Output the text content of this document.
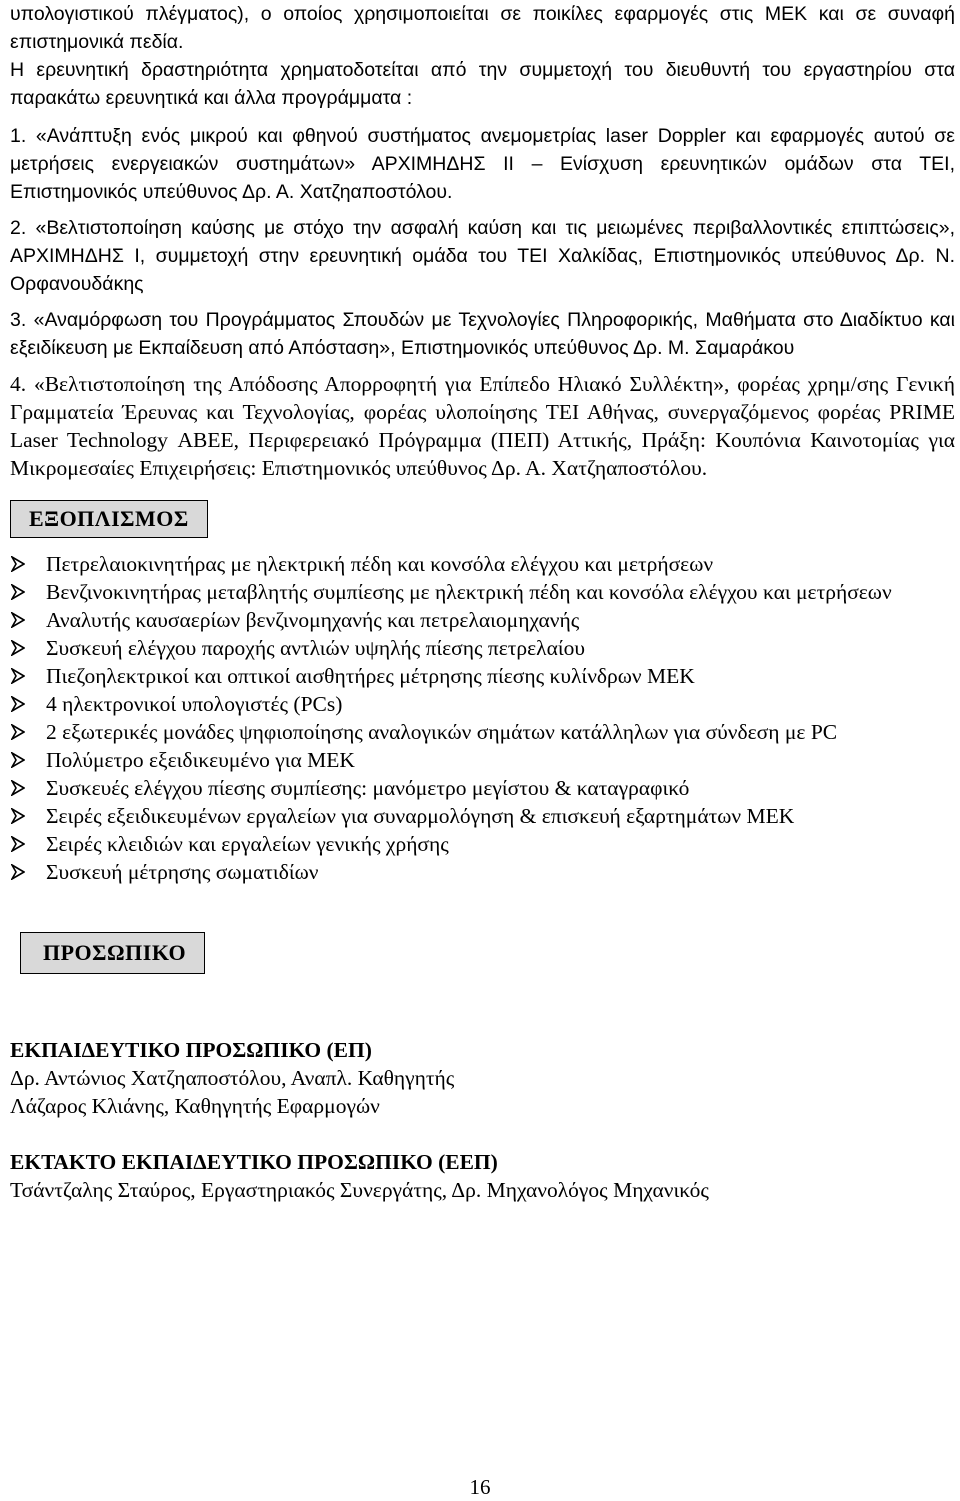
υπολογιστικού πλέγματος), ο οποίος χρησιμοποιείται σε ποικίλες εφαρμογές στις ΜΕΚ και σε συναφή επιστημονικά πεδία.

Η ερευνητική δραστηριότητα χρηματοδοτείται από την συμμετοχή του διευθυντή του εργαστηρίου στα παρακάτω ερευνητικά και άλλα προγράμματα :

1. «Ανάπτυξη ενός μικρού και φθηνού συστήματος ανεμομετρίας laser Doppler και εφαρμογές αυτού σε μετρήσεις ενεργειακών συστημάτων» ΑΡΧΙΜΗΔΗΣ ΙΙ – Ενίσχυση ερευνητικών ομάδων στα ΤΕΙ, Επιστημονικός υπεύθυνος Δρ. Α. Χατζηαποστόλου.
2. «Βελτιστοποίηση καύσης με στόχο την ασφαλή καύση και τις μειωμένες περιβαλλοντικές επιπτώσεις», ΑΡΧΙΜΗΔΗΣ Ι, συμμετοχή στην ερευνητική ομάδα του ΤΕΙ Χαλκίδας, Επιστημονικός υπεύθυνος Δρ. Ν. Ορφανουδάκης
3. «Αναμόρφωση του Προγράμματος Σπουδών με Τεχνολογίες Πληροφορικής, Μαθήματα στο Διαδίκτυο και εξειδίκευση με Εκπαίδευση από Απόσταση», Επιστημονικός υπεύθυνος Δρ. Μ. Σαμαράκου

4. «Βελτιστοποίηση της Απόδοσης Απορροφητή για Επίπεδο Ηλιακό Συλλέκτη», φορέας χρημ/σης Γενική Γραμματεία Έρευνας και Τεχνολογίας, φορέας υλοποίησης ΤΕΙ Αθήνας, συνεργαζόμενος φορέας PRIME Laser Technology ΑΒΕΕ, Περιφερειακό Πρόγραμμα (ΠΕΠ) Αττικής, Πράξη: Κουπόνια Καινοτομίας για Μικρομεσαίες Επιχειρήσεις: Επιστημονικός υπεύθυνος Δρ. Α. Χατζηαποστόλου.

ΕΞΟΠΛΙΣΜΟΣ
Πετρελαιοκινητήρας με ηλεκτρική πέδη και κονσόλα ελέγχου και μετρήσεων
Βενζινοκινητήρας μεταβλητής συμπίεσης με ηλεκτρική πέδη και κονσόλα ελέγχου και μετρήσεων
Αναλυτής καυσαερίων βενζινομηχανής και πετρελαιομηχανής
Συσκευή ελέγχου παροχής αντλιών υψηλής πίεσης πετρελαίου
Πιεζοηλεκτρικοί και οπτικοί αισθητήρες μέτρησης πίεσης κυλίνδρων ΜΕΚ
4 ηλεκτρονικοί υπολογιστές (PCs)
2 εξωτερικές μονάδες ψηφιοποίησης αναλογικών σημάτων κατάλληλων για σύνδεση με PC
Πολύμετρο εξειδικευμένο για ΜΕΚ
Συσκευές ελέγχου πίεσης συμπίεσης: μανόμετρο μεγίστου & καταγραφικό
Σειρές εξειδικευμένων εργαλείων για συναρμολόγηση & επισκευή εξαρτημάτων ΜΕΚ
Σειρές κλειδιών και εργαλείων γενικής χρήσης
Συσκευή μέτρησης σωματιδίων
ΠΡΟΣΩΠΙΚΟ

ΕΚΠΑΙΔΕΥΤΙΚΟ ΠΡΟΣΩΠΙΚΟ (ΕΠ)

Δρ. Αντώνιος Χατζηαποστόλου, Αναπλ. Καθηγητής

Λάζαρος Κλιάνης, Καθηγητής Εφαρμογών

ΕΚΤΑΚΤΟ ΕΚΠΑΙΔΕΥΤΙΚΟ ΠΡΟΣΩΠΙΚΟ (ΕΕΠ)

Τσάντζαλης Σταύρος, Εργαστηριακός Συνεργάτης, Δρ. Μηχανολόγος Μηχανικός

16
